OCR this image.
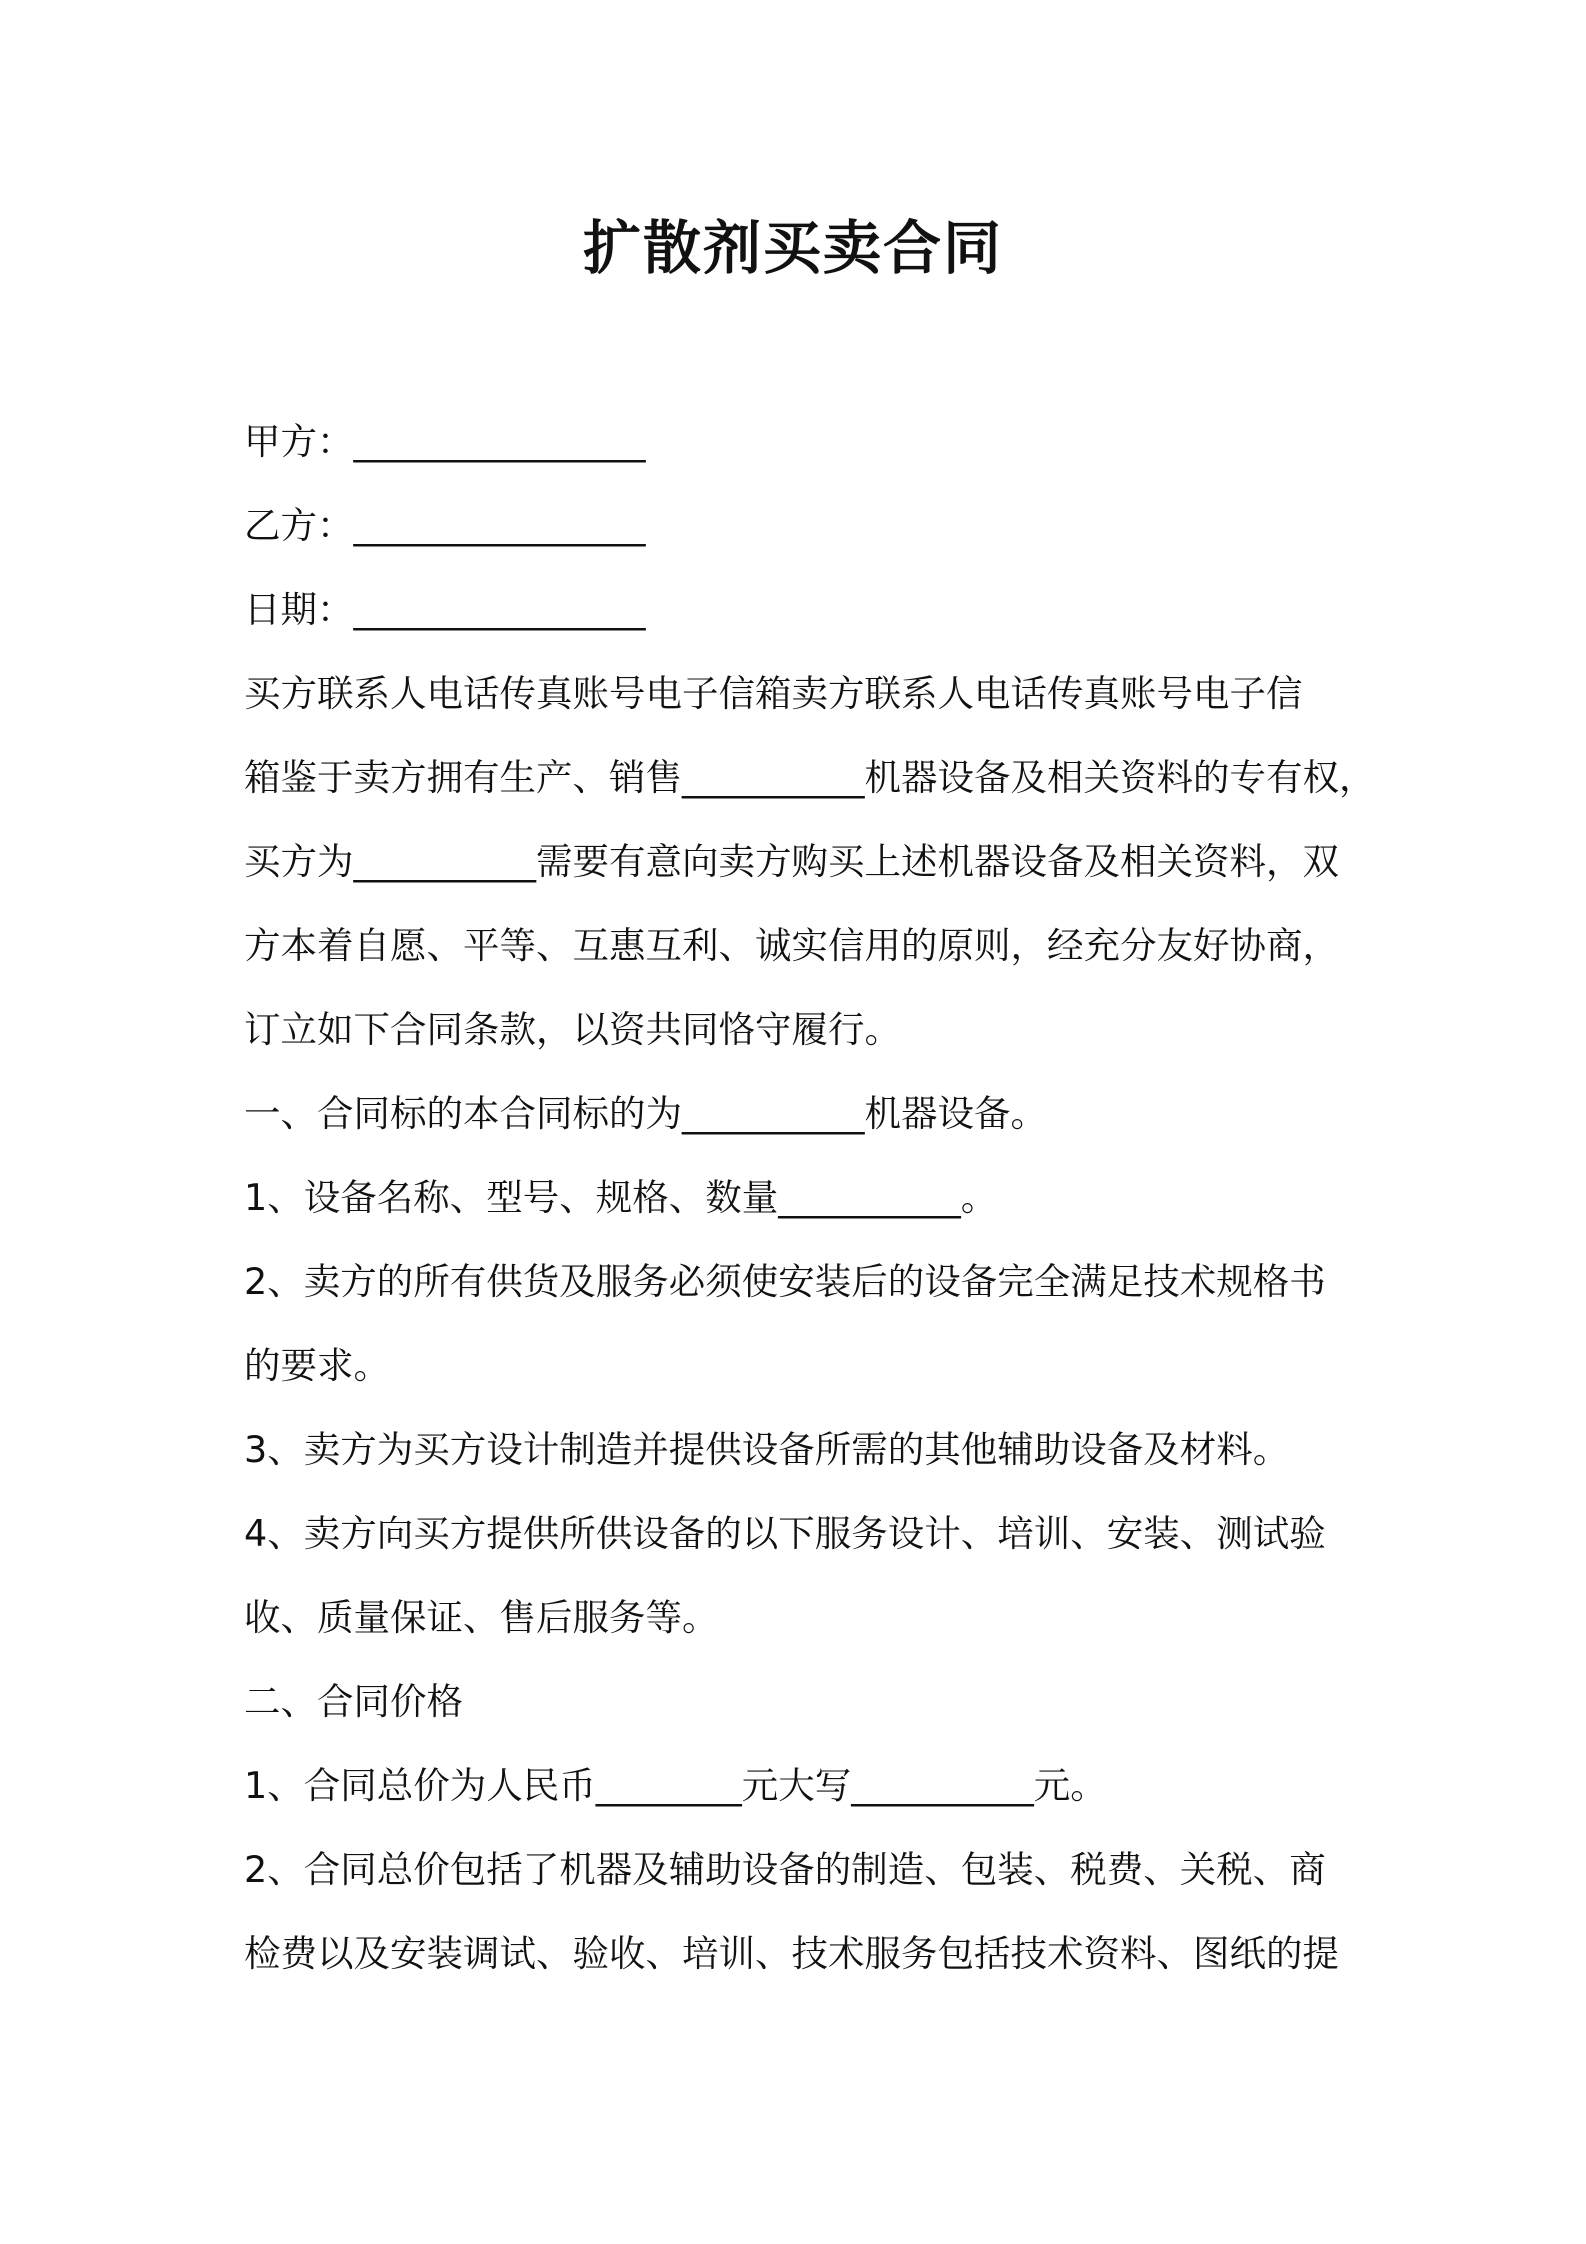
扩散剂买卖合同

甲方：________________

乙方：________________

日期：________________

买方联系人电话传真账号电子信箱卖方联系人电话传真账号电子信

箱鉴于卖方拥有生产、销售__________机器设备及相关资料的专有权，

买方为__________需要有意向卖方购买上述机器设备及相关资料，双

方本着自愿、平等、互惠互利、诚实信用的原则，经充分友好协商，

订立如下合同条款，以资共同恪守履行。

一、合同标的本合同标的为__________机器设备。

1、设备名称、型号、规格、数量__________。

2、卖方的所有供货及服务必须使安装后的设备完全满足技术规格书

的要求。

3、卖方为买方设计制造并提供设备所需的其他辅助设备及材料。

4、卖方向买方提供所供设备的以下服务设计、培训、安装、测试验

收、质量保证、售后服务等。

二、合同价格

1、合同总价为人民币________元大写__________元。

2、合同总价包括了机器及辅助设备的制造、包装、税费、关税、商

检费以及安装调试、验收、培训、技术服务包括技术资料、图纸的提
